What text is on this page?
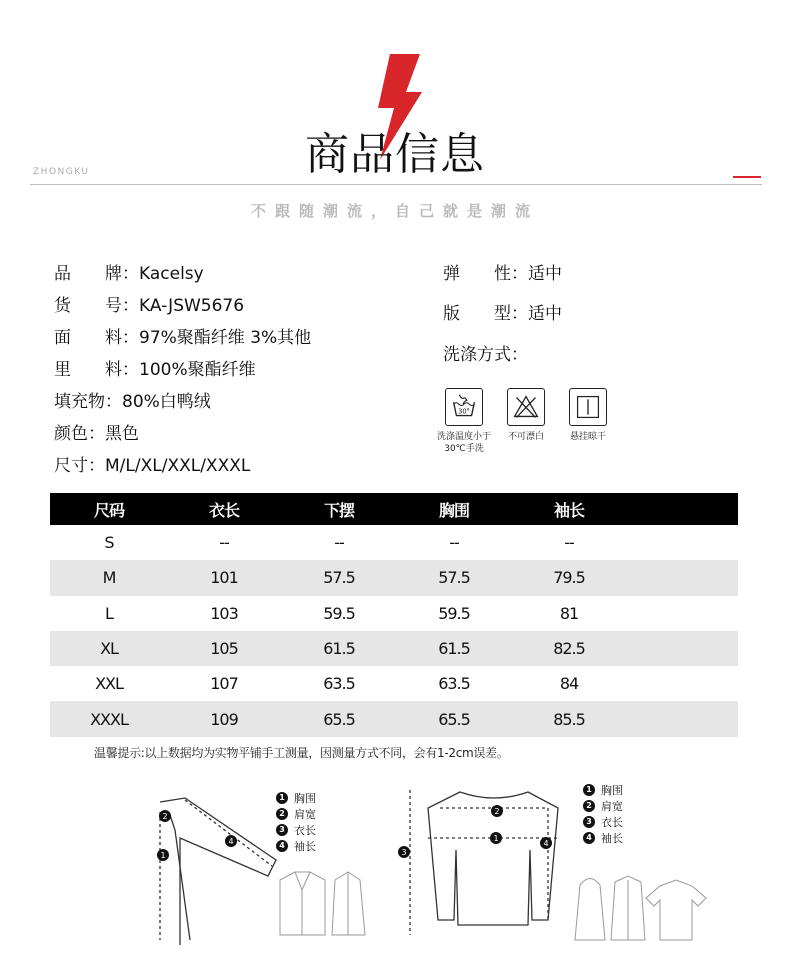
商品信息
ZHONGKU
不跟随潮流，自己就是潮流
品　　牌：Kacelsy
货　　号：KA-JSW5676
面　　料：97%聚酯纤维 3%其他
里　　料：100%聚酯纤维
填充物：80%白鸭绒
颜色：黑色
尺寸：M/L/XL/XXL/XXXL
弹　　性：适中
版　　型：适中
洗涤方式：
30°
洗涤温度小于
30℃手洗
不可漂白	悬挂晾干
尺码	衣长	下摆	胸围	袖长	
S	--	--	--	--	
M	101	57.5	57.5	79.5	
L	103	59.5	59.5	81	
XL	105	61.5	61.5	82.5	
XXL	107	63.5	63.5	84	
XXXL	109	65.5	65.5	85.5	
温馨提示:以上数据均为实物平铺手工测量，因测量方式不同，会有1-2cm误差。
2
4
1
2
1
3
4
1 胸围
2 肩宽
3 衣长
4 袖长
1 胸围
2 肩宽
3 衣长
4 袖长
